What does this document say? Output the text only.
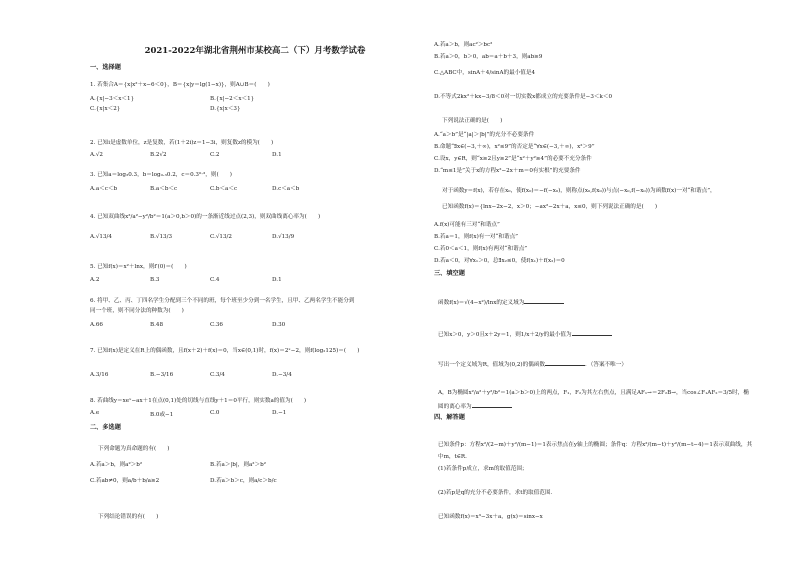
2021-2022年湖北省荆州市某校高二（下）月考数学试卷
一、选择题
1. 若集合A＝{x|x²＋x−6＜0}，B＝{x|y＝lg(1−x)}，则A∪B＝(　　)
A.{x|−3＜x＜1}	B.{x|−2＜x＜1}
C.{x|x＜2}	D.{x|x＜3}
2. 已知i是虚数单位，z是复数，若(1＋2i)z＝1−3i，则复数z的模为(　　)
A.√2	B.2√2	C.2	D.1
3. 已知a＝log₃0.3，b＝log₀.₃0.2，c＝0.3⁰·³，则(　　)
A.a＜c＜b	B.a＜b＜c	C.b＜a＜c	D.c＜a＜b
4. 已知双曲线x²/a²−y²/b²＝1(a＞0,b＞0)的一条渐近线过点(2,3)，则双曲线离心率为(　　)
A.√13/4	B.√13/3	C.√13/2	D.√13/9
5. 已知f(x)＝x²＋lnx，则f′(0)＝(　　)
A.2	B.3	C.4	D.1
6. 将甲、乙、丙、丁四名学生分配到三个不同的班，每个班至少分到一名学生，且甲、乙两名学生不能分到
同一个班，则不同分法的种数为(　　)
A.66	B.48	C.36	D.30
7. 已知f(x)是定义在R上的偶函数，且f(x＋2)＋f(x)＝0，当x∈(0,1)时，f(x)＝2ˣ−2，则f(log₂125)＝(　　)
A.3/16	B.−3/16	C.3/4	D.−3/4
8. 若曲线y＝xeˣ−ax＋1在点(0,1)处的切线与直线y＋1＝0平行，则实数a的值为(　　)
A.e	B.0或−1	C.0	D.−1
二、多选题
下列命题为真命题的有(　　)
A.若a＞b，则a²＞b²	B.若a＞|b|，则a²＞b²
C.若ab≠0，则a/b＋b/a≥2	D.若a＞b＞c，则a/c＞b/c
下列结论错误的有(　　)
A.若a＞b，则ac²＞bc²
B.若a＞0，b＞0，ab＝a＋b＋3，则ab≥9
C.△ABC中，sinA＋4/sinA的最小值是4
D.不等式2kx²＋kx−3/8＜0对一切实数x都成立的充要条件是−3＜k＜0
下列说法正确的是(　　)
A.“a＞b”是“|a|＞|b|”的充分不必要条件
B.命题“∃x∈(−3,＋∞)，x²≤9”的否定是“∀x∈(−3,＋∞)，x²＞9”
C.设x，y∈R，则“x≥2且y≥2”是“x²＋y²≥4”的必要不充分条件
D.“m≤1是”关于x的方程x²−2x＋m＝0有实根”的充要条件
对于函数y＝f(x)，若存在x₀，使f(x₀)＝−f(−x₀)，则称点(x₀,f(x₀))与点(−x₀,f(−x₀))为函数f(x)一对“和谐点”，
已知函数f(x)＝{lnx−2x−2，x＞0；−ax²−2x＋a，x≤0，则下列说法正确的是(　　)
A.f(x)可能有三对“和谐点”
B.若a＝1，则f(x)有一对“和谐点”
C.若0＜a＜1，则f(x)有两对“和谐点”
D.若a＜0，对∀x₁＞0，总∃x₂≤0，使f(x₁)＋f(x₂)＝0
三、填空题
函数f(x)＝√(4−x²)/lnx的定义域为
已知x＞0，y＞0且x＋2y＝1，则1/x＋2/y的最小值为
写出一个定义域为R，值域为(0,2)的偶函数	．（答案不唯一）
A，B为椭圆x²/a²＋y²/b²＝1(a＞b＞0)上的两点，F₁，F₂为其左右焦点，且满足AF₁→＝2F₂B→，当cos∠F₁AF₂＝3/5时，椭
圆的离心率为
四、解答题
已知条件p：方程x²/(2−m)＋y²/(m−1)＝1表示焦点在y轴上的椭圆；条件q：方程x²/(m−t)＋y²/(m−t−4)＝1表示双曲线，其
中m，t∈R.
(1)若条件p成立，求m的取值范围；
(2)若p是q的充分不必要条件，求t的取值范围.
已知函数f(x)＝x³−3x＋a，g(x)＝sinx−x
